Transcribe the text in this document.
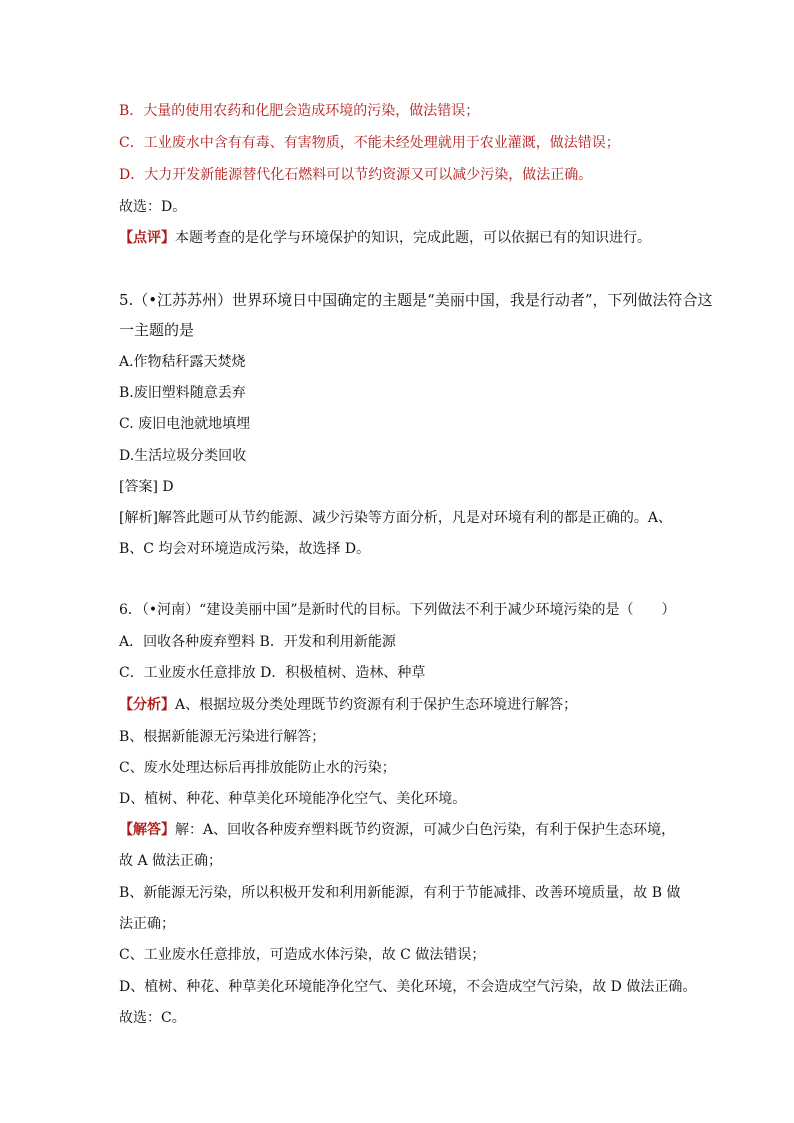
B．大量的使用农药和化肥会造成环境的污染，做法错误；
C．工业废水中含有有毒、有害物质，不能未经处理就用于农业灌溉，做法错误；
D．大力开发新能源替代化石燃料可以节约资源又可以减少污染，做法正确。
故选：D。
【点评】本题考查的是化学与环境保护的知识，完成此题，可以依据已有的知识进行。
5.（•江苏苏州）世界环境日中国确定的主题是“美丽中国，我是行动者”，下列做法符合这
一主题的是
A.作物秸秆露天焚烧
B.废旧塑料随意丢弃
C. 废旧电池就地填埋
D.生活垃圾分类回收
[答案] D
[解析]解答此题可从节约能源、减少污染等方面分析，凡是对环境有利的都是正确的。A、
B、C 均会对环境造成污染，故选择 D。
6．（•河南）“建设美丽中国”是新时代的目标。下列做法不利于减少环境污染的是（　　）
A．回收各种废弃塑料 B．开发和利用新能源
C．工业废水任意排放 D．积极植树、造林、种草
【分析】A、根据垃圾分类处理既节约资源有利于保护生态环境进行解答；
B、根据新能源无污染进行解答；
C、废水处理达标后再排放能防止水的污染；
D、植树、种花、种草美化环境能净化空气、美化环境。
【解答】解：A、回收各种废弃塑料既节约资源，可减少白色污染，有利于保护生态环境，
故 A 做法正确；
B、新能源无污染，所以积极开发和利用新能源，有利于节能减排、改善环境质量，故 B 做
法正确；
C、工业废水任意排放，可造成水体污染，故 C 做法错误；
D、植树、种花、种草美化环境能净化空气、美化环境，不会造成空气污染，故 D 做法正确。
故选：C。
